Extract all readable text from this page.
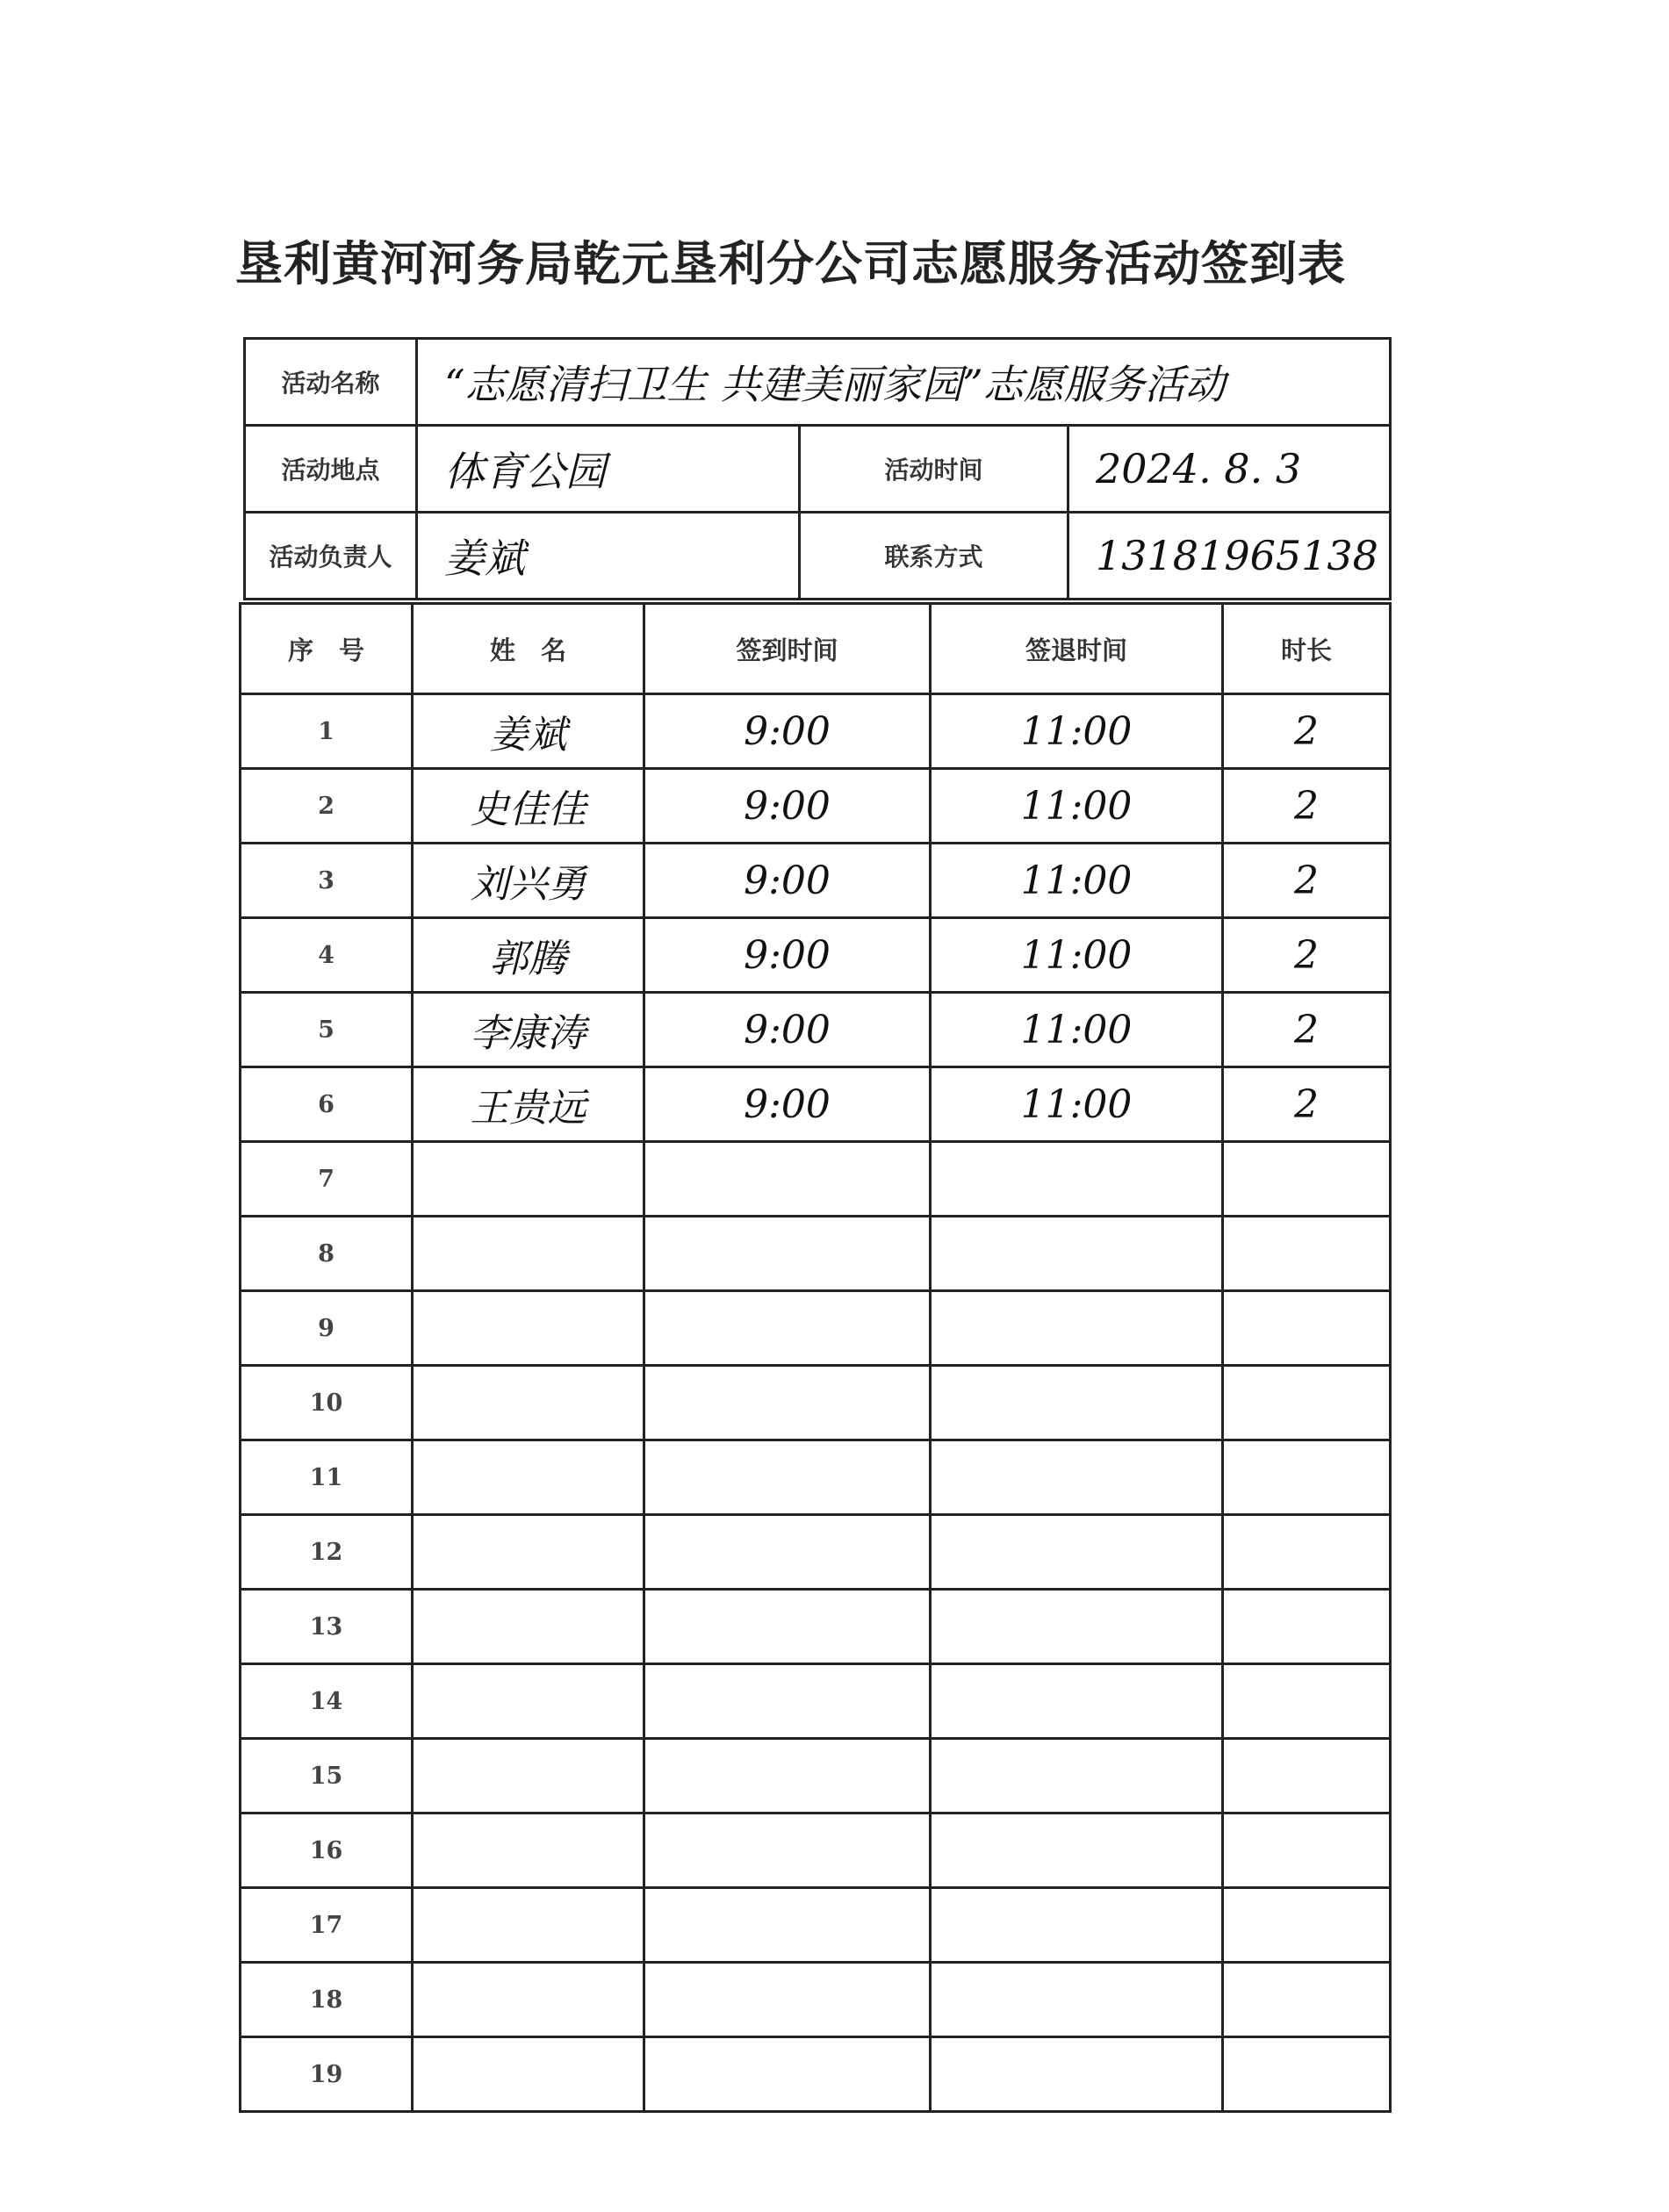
垦利黄河河务局乾元垦利分公司志愿服务活动签到表
活动名称	“志愿清扫卫生 共建美丽家园”志愿服务活动		
活动地点	体育公园	活动时间	2024. 8. 3
活动负责人	姜斌	联系方式	13181965138
序　号	姓　名	签到时间	签退时间	时长
1	姜斌	9:00	11:00	2
2	史佳佳	9:00	11:00	2
3	刘兴勇	9:00	11:00	2
4	郭腾	9:00	11:00	2
5	李康涛	9:00	11:00	2
6	王贵远	9:00	11:00	2
7				
8				
9				
10				
11				
12				
13				
14				
15				
16				
17				
18				
19				
